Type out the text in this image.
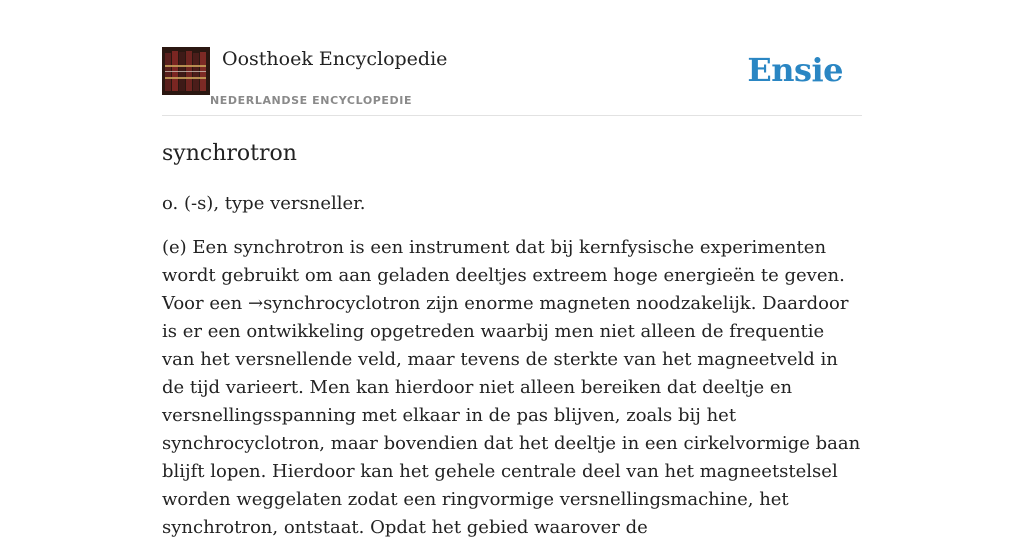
Oosthoek Encyclopedie
NEDERLANDSE ENCYCLOPEDIE
Ensie
synchrotron

o. (-s), type versneller.

(e) Een synchrotron is een instrument dat bij kernfysische experimenten wordt gebruikt om aan geladen deeltjes extreem hoge energieën te geven. Voor een →synchrocyclotron zijn enorme magneten noodzakelijk. Daardoor is er een ontwikkeling opgetreden waarbij men niet alleen de frequentie van het versnellende veld, maar tevens de sterkte van het magneetveld in de tijd varieert. Men kan hierdoor niet alleen bereiken dat deeltje en versnellingsspanning met elkaar in de pas blijven, zoals bij het synchrocyclotron, maar bovendien dat het deeltje in een cirkelvormige baan blijft lopen. Hierdoor kan het gehele centrale deel van het magneetstelsel worden weggelaten zodat een ringvormige versnellingsmachine, het synchrotron, ontstaat. Opdat het gebied waarover de
